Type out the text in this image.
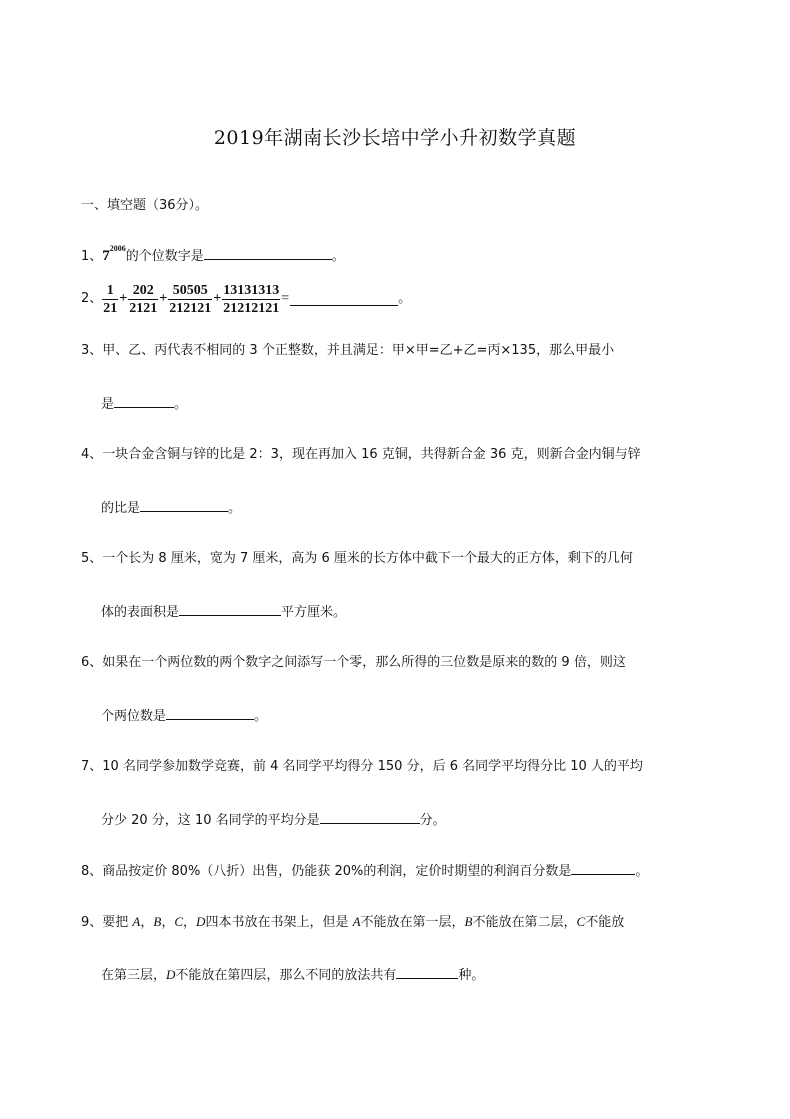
2019年湖南长沙长培中学小升初数学真题
一、填空题（36分）。
1、$7^{2006}$的个位数字是	。
2、 $\frac{1}{21} + \frac{202}{2121} + \frac{50505}{212121} + \frac{13131313}{21212121}$ =	。
3、甲、乙、丙代表不相同的 3 个正整数，并且满足：甲×甲=乙+乙=丙×135，那么甲最小
是	。
4、一块合金含铜与锌的比是 2：3，现在再加入 16 克铜，共得新合金 36 克，则新合金内铜与锌
的比是	。
5、一个长为 8 厘米，宽为 7 厘米，高为 6 厘米的长方体中截下一个最大的正方体，剩下的几何
体的表面积是	平方厘米。
6、如果在一个两位数的两个数字之间添写一个零，那么所得的三位数是原来的数的 9 倍，则这
个两位数是	。
7、10 名同学参加数学竞赛，前 4 名同学平均得分 150 分，后 6 名同学平均得分比 10 人的平均
分少 20 分，这 10 名同学的平均分是	分。
8、商品按定价 80%（八折）出售，仍能获 20%的利润，定价时期望的利润百分数是	。
9、要把 A，B，C，D四本书放在书架上，但是 A不能放在第一层，B不能放在第二层，C不能放
在第三层，D不能放在第四层，那么不同的放法共有	种。
